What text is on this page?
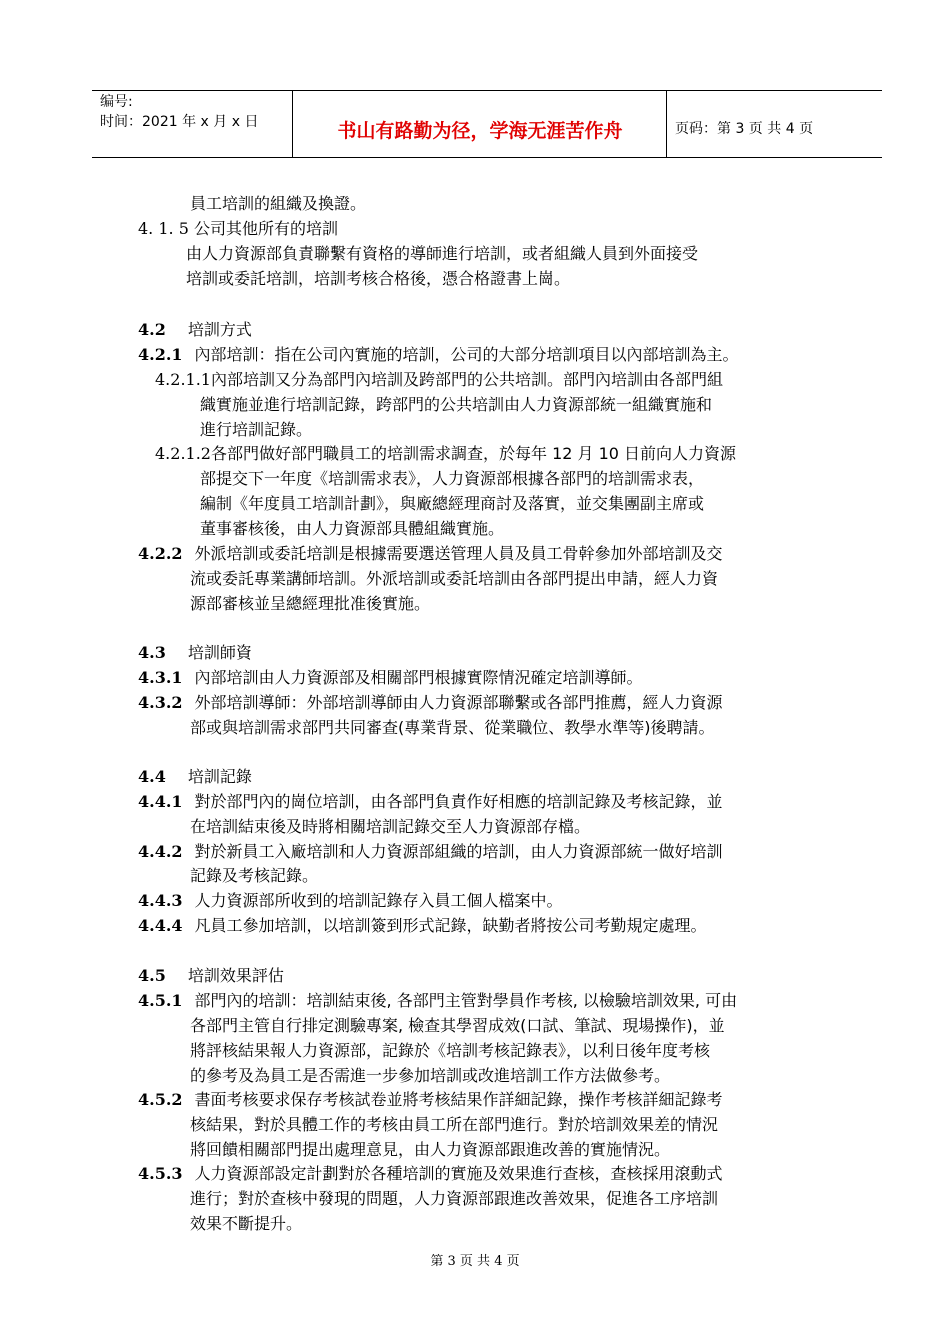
编号:
时间：2021 年 x 月 x 日	书山有路勤为径，学海无涯苦作舟	页码：第 3 页 共 4 页
員工培訓的組織及換證。
4. 1. 5 公司其他所有的培訓
由人力資源部負責聯繫有資格的導師進行培訓，或者組織人員到外面接受
培訓或委託培訓，培訓考核合格後，憑合格證書上崗。
4.2 培訓方式
4.2.1 內部培訓：指在公司內實施的培訓，公司的大部分培訓項目以內部培訓為主。
4.2.1.1內部培訓又分為部門內培訓及跨部門的公共培訓。部門內培訓由各部門組
織實施並進行培訓記錄，跨部門的公共培訓由人力資源部統一組織實施和
進行培訓記錄。
4.2.1.2各部門做好部門職員工的培訓需求調查，於每年 12 月 10 日前向人力資源
部提交下一年度《培訓需求表》，人力資源部根據各部門的培訓需求表，
編制《年度員工培訓計劃》，與廠總經理商討及落實，並交集團副主席或
董事審核後，由人力資源部具體組織實施。
4.2.2 外派培訓或委託培訓是根據需要選送管理人員及員工骨幹參加外部培訓及交
流或委託專業講師培訓。外派培訓或委託培訓由各部門提出申請，經人力資
源部審核並呈總經理批准後實施。
4.3 培訓師資
4.3.1 內部培訓由人力資源部及相關部門根據實際情況確定培訓導師。
4.3.2 外部培訓導師：外部培訓導師由人力資源部聯繫或各部門推薦，經人力資源
部或與培訓需求部門共同審查(專業背景、從業職位、教學水準等)後聘請。
4.4 培訓記錄
4.4.1 對於部門內的崗位培訓，由各部門負責作好相應的培訓記錄及考核記錄，並
在培訓結束後及時將相關培訓記錄交至人力資源部存檔。
4.4.2 對於新員工入廠培訓和人力資源部組織的培訓，由人力資源部統一做好培訓
記錄及考核記錄。
4.4.3 人力資源部所收到的培訓記錄存入員工個人檔案中。
4.4.4 凡員工參加培訓，以培訓簽到形式記錄，缺勤者將按公司考勤規定處理。
4.5 培訓效果評估
4.5.1 部門內的培訓：培訓結束後, 各部門主管對學員作考核, 以檢驗培訓效果, 可由
各部門主管自行排定測驗專案, 檢查其學習成效(口試、筆試、現場操作)，並
將評核結果報人力資源部，記錄於《培訓考核記錄表》，以利日後年度考核
的參考及為員工是否需進一步參加培訓或改進培訓工作方法做參考。
4.5.2 書面考核要求保存考核試卷並將考核結果作詳細記錄，操作考核詳細記錄考
核結果，對於具體工作的考核由員工所在部門進行。對於培訓效果差的情況
將回饋相關部門提出處理意見，由人力資源部跟進改善的實施情況。
4.5.3 人力資源部設定計劃對於各種培訓的實施及效果進行查核，查核採用滾動式
進行；對於查核中發現的問題，人力資源部跟進改善效果，促進各工序培訓
效果不斷提升。
第 3 页 共 4 页
